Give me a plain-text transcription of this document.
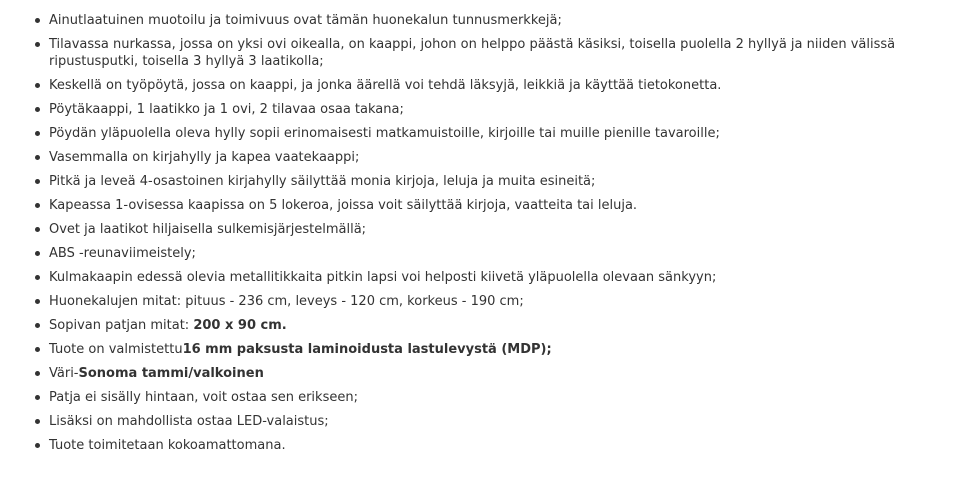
Ainutlaatuinen muotoilu ja toimivuus ovat tämän huonekalun tunnusmerkkejä;
Tilavassa nurkassa, jossa on yksi ovi oikealla, on kaappi, johon on helppo päästä käsiksi, toisella puolella 2 hyllyä ja niiden välissä ripustusputki, toisella 3 hyllyä 3 laatikolla;
Keskellä on työpöytä, jossa on kaappi, ja jonka äärellä voi tehdä läksyjä, leikkiä ja käyttää tietokonetta.
Pöytäkaappi, 1 laatikko ja 1 ovi, 2 tilavaa osaa takana;
Pöydän yläpuolella oleva hylly sopii erinomaisesti matkamuistoille, kirjoille tai muille pienille tavaroille;
Vasemmalla on kirjahylly ja kapea vaatekaappi;
Pitkä ja leveä 4-osastoinen kirjahylly säilyttää monia kirjoja, leluja ja muita esineitä;
Kapeassa 1-ovisessa kaapissa on 5 lokeroa, joissa voit säilyttää kirjoja, vaatteita tai leluja.
Ovet ja laatikot hiljaisella sulkemisjärjestelmällä;
ABS -reunaviimeistely;
Kulmakaapin edessä olevia metallitikkaita pitkin lapsi voi helposti kiivetä yläpuolella olevaan sänkyyn;
Huonekalujen mitat: pituus - 236 cm, leveys - 120 cm, korkeus - 190 cm;
Sopivan patjan mitat: 200 x 90 cm.
Tuote on valmistettu16 mm paksusta laminoidusta lastulevystä (MDP);
Väri-Sonoma tammi/valkoinen
Patja ei sisälly hintaan, voit ostaa sen erikseen;
Lisäksi on mahdollista ostaa LED-valaistus;
Tuote toimitetaan kokoamattomana.
